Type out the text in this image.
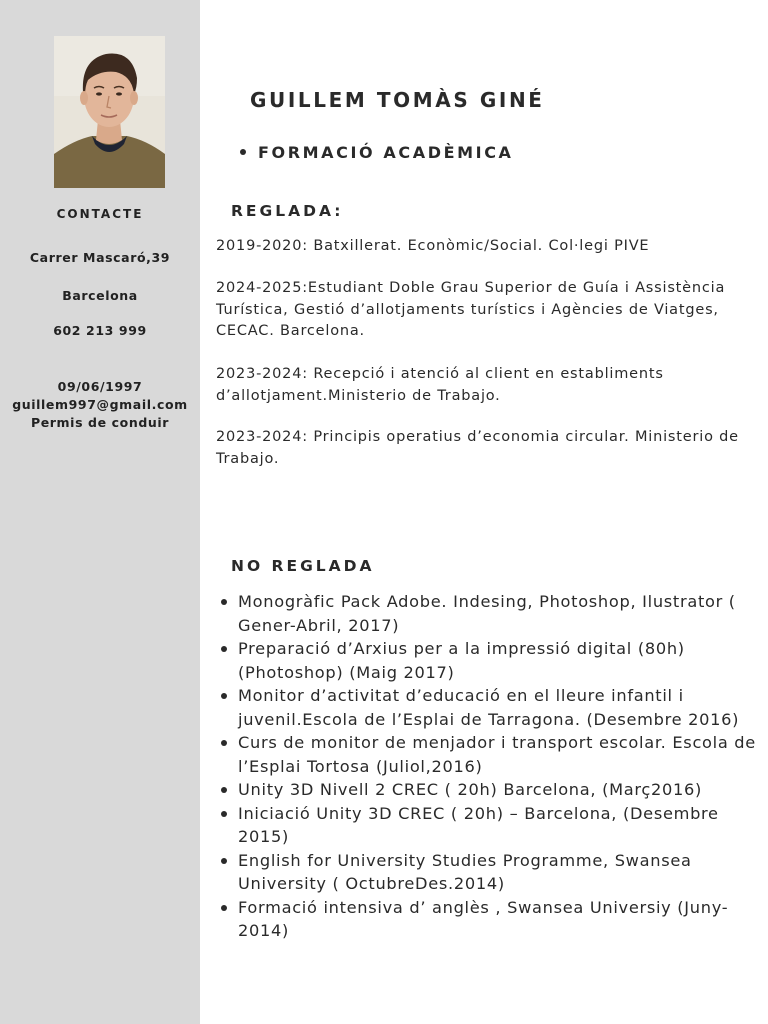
CONTACTE
Carrer Mascaró,39
Barcelona
602 213 999
09/06/1997
guillem997@gmail.com
Permis de conduir
GUILLEM TOMÀS GINÉ
FORMACIÓ ACADÈMICA
REGLADA:
2019-2020: Batxillerat. Econòmic/Social. Col·legi PIVE
2024-2025:Estudiant Doble Grau Superior de Guía i Assistència Turística, Gestió d’allotjaments turístics i Agències de Viatges, CECAC. Barcelona.
2023-2024: Recepció i atenció al client en establiments d’allotjament.Ministerio de Trabajo.
2023-2024: Principis operatius d’economia circular. Ministerio de Trabajo.
NO REGLADA
Monogràfic Pack Adobe. Indesing, Photoshop, Ilustrator ( Gener-Abril, 2017)
Preparació d’Arxius per a la impressió digital (80h) (Photoshop) (Maig 2017)
Monitor d’activitat d’educació en el lleure infantil i juvenil.Escola de l’Esplai de Tarragona. (Desembre 2016)
Curs de monitor de menjador i transport escolar. Escola de l’Esplai Tortosa (Juliol,2016)
Unity 3D Nivell 2 CREC ( 20h) Barcelona, (Març2016)
Iniciació Unity 3D CREC ( 20h) – Barcelona, (Desembre 2015)
English for University Studies Programme, Swansea University ( OctubreDes.2014)
Formació intensiva d’ anglès , Swansea Universiy (Juny-2014)
